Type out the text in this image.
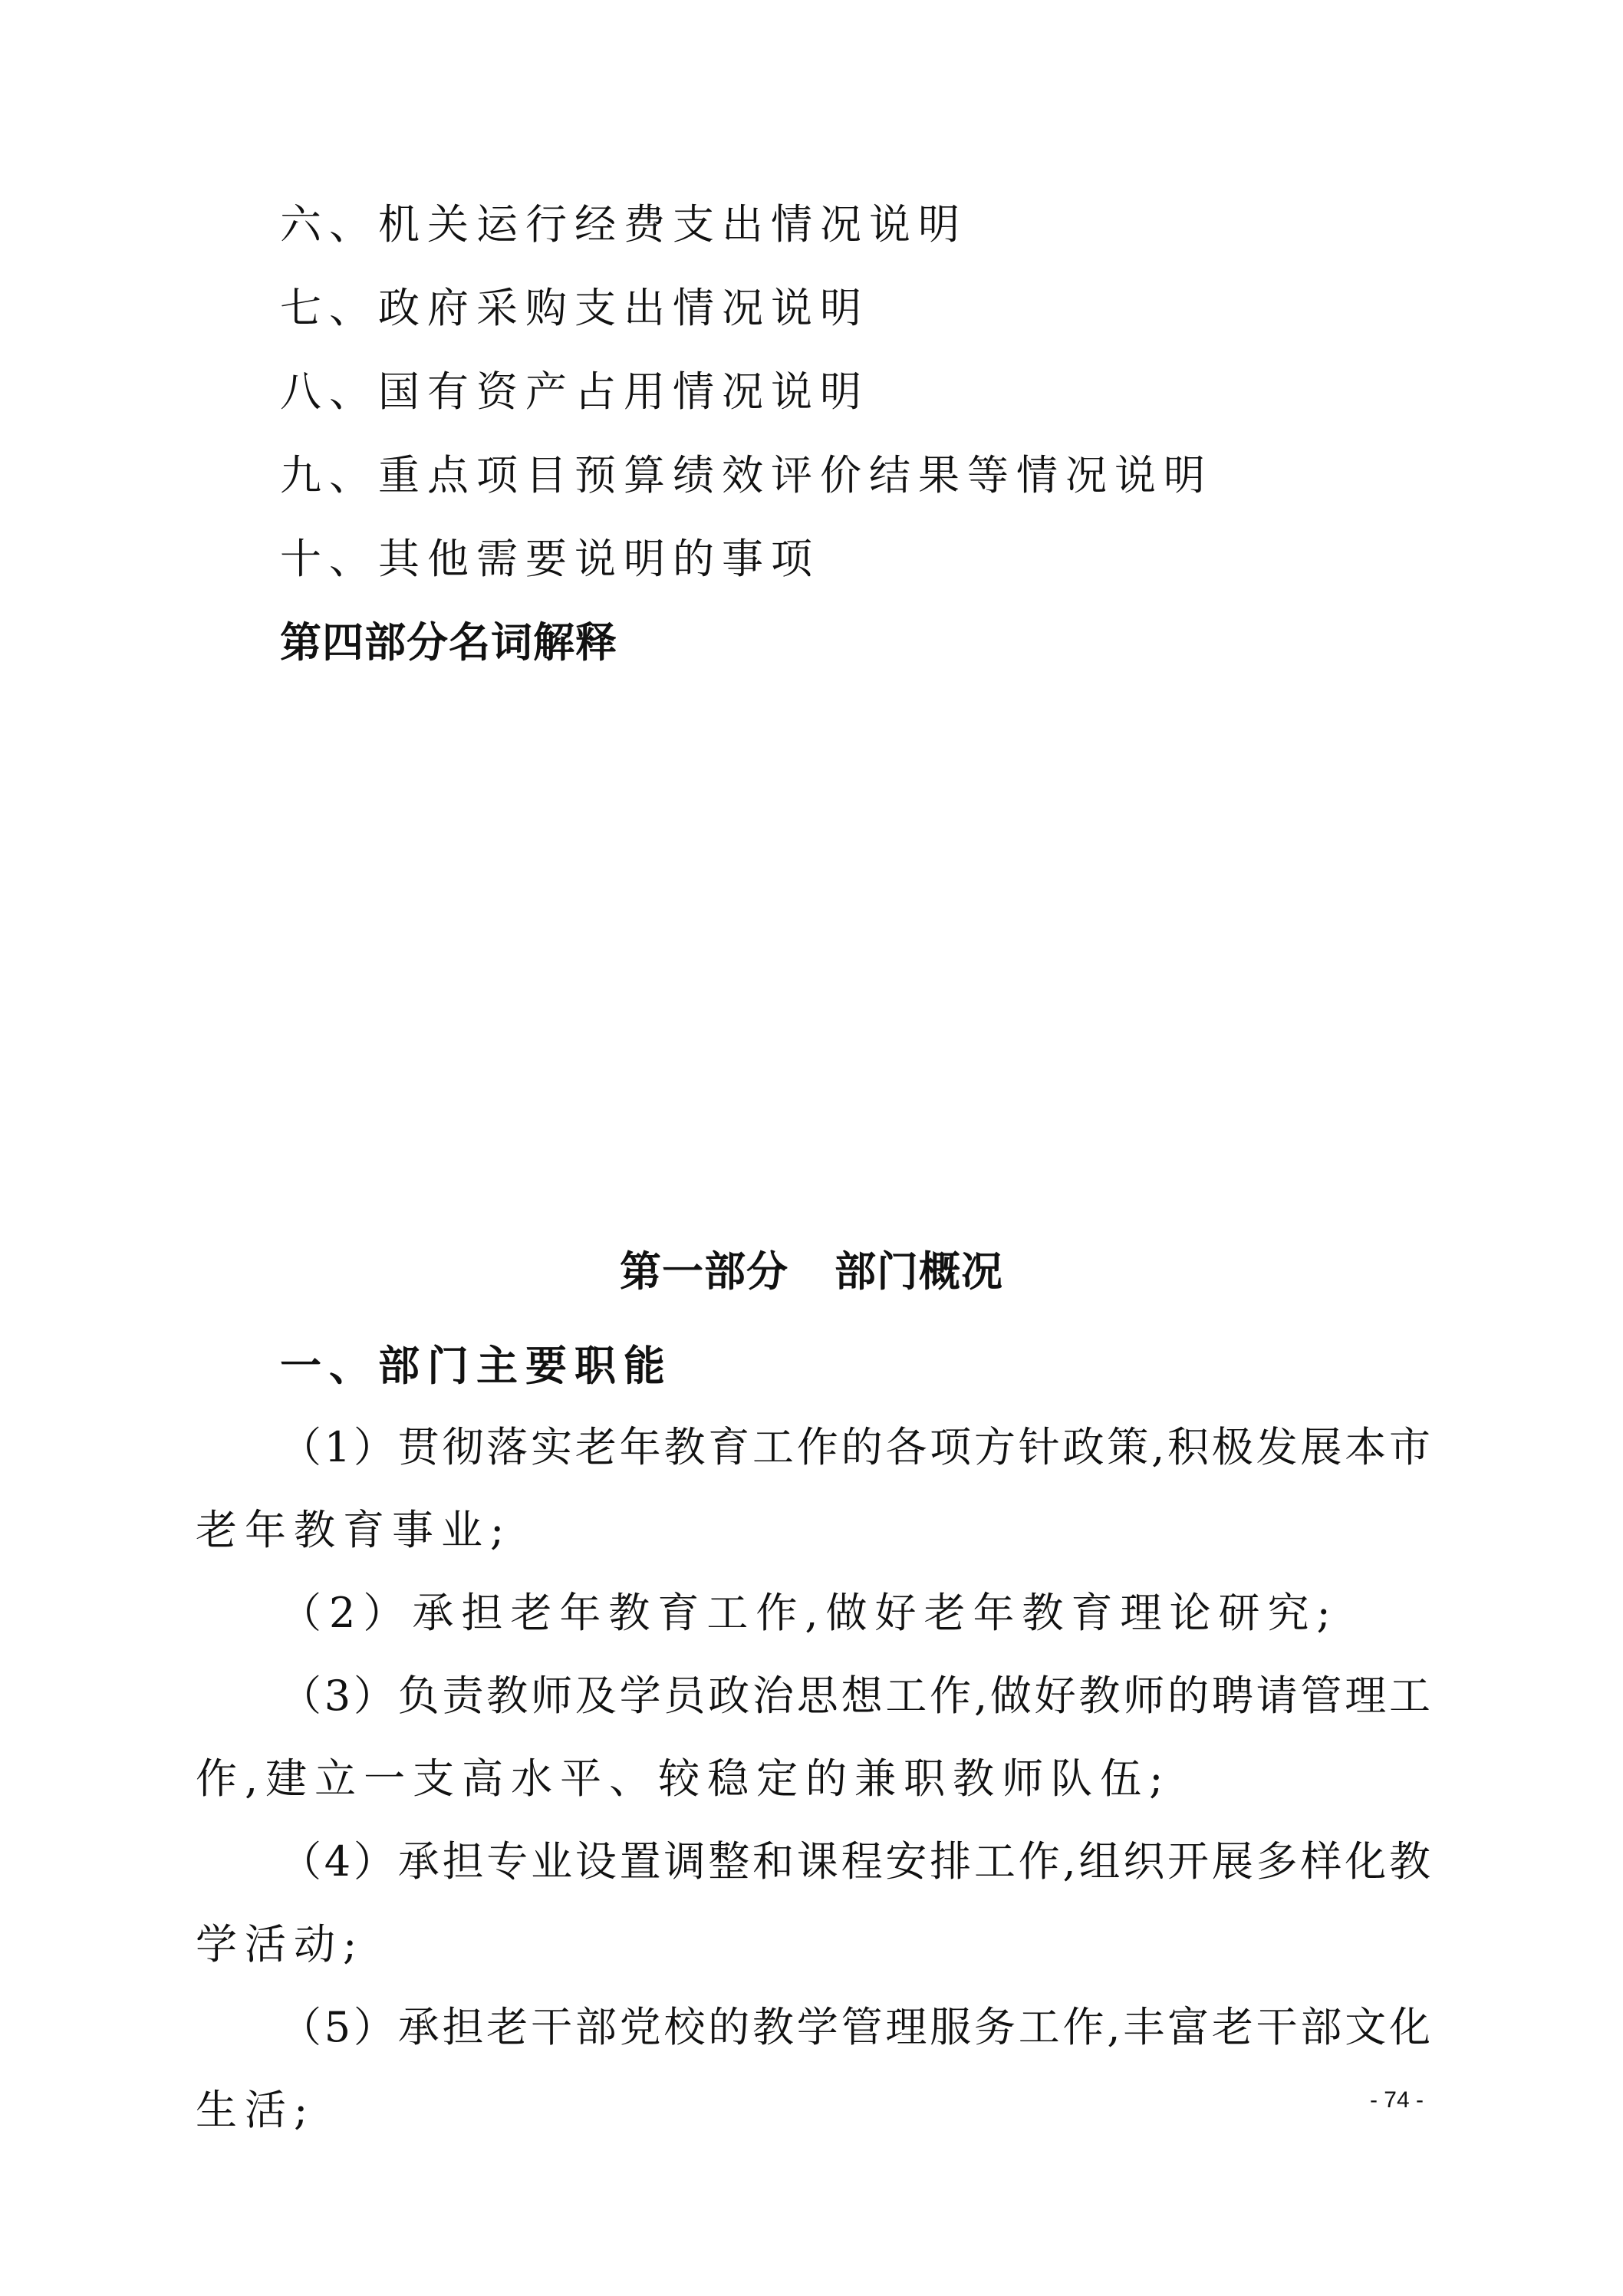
六、机关运行经费支出情况说明
七、政府采购支出情况说明
八、国有资产占用情况说明
九、重点项目预算绩效评价结果等情况说明
十、其他需要说明的事项
第四部分名词解释
第一部分 部门概况
一、部门主要职能
（1）贯彻落实老年教育工作的各项方针政策,积极发展本市
老年教育事业;
（2）承担老年教育工作,做好老年教育理论研究;
（3）负责教师及学员政治思想工作,做好教师的聘请管理工
作,建立一支高水平、较稳定的兼职教师队伍;
（4）承担专业设置调整和课程安排工作,组织开展多样化教
学活动;
（5）承担老干部党校的教学管理服务工作,丰富老干部文化
生活;	- 74 -
